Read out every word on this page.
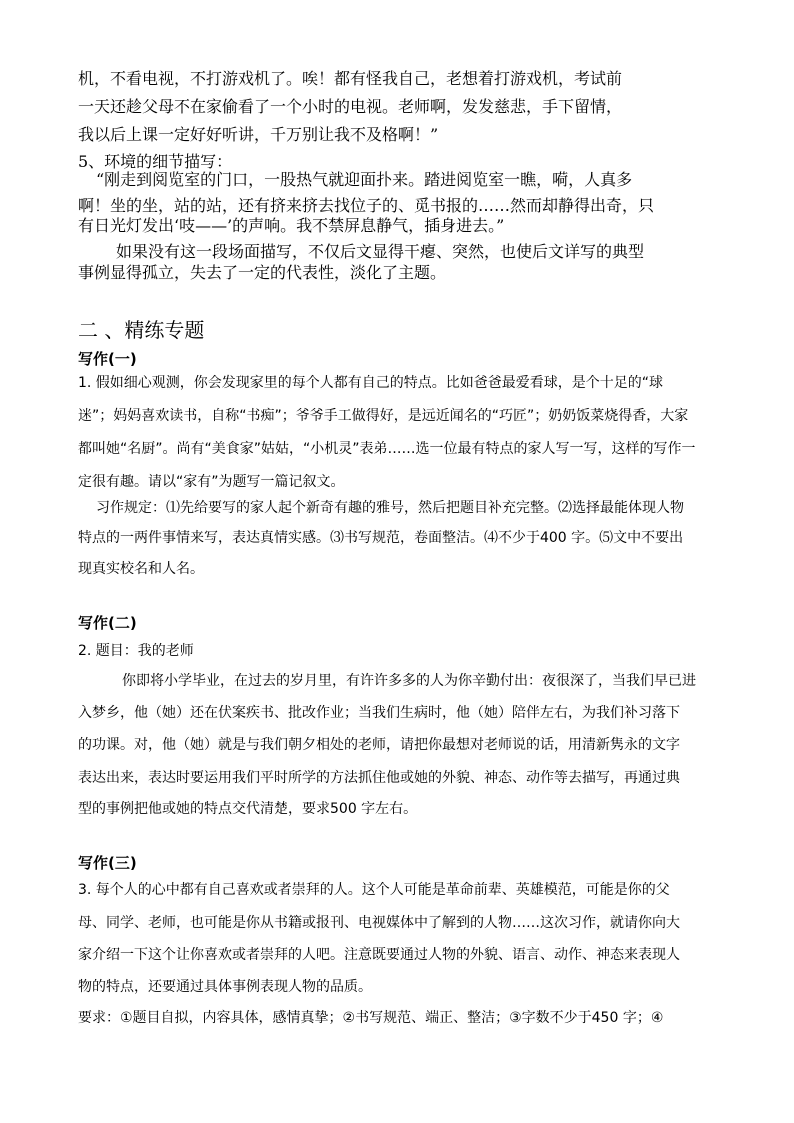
机，不看电视，不打游戏机了。唉！都有怪我自己，老想着打游戏机，考试前
一天还趁父母不在家偷看了一个小时的电视。老师啊，发发慈悲，手下留情，
我以后上课一定好好听讲，千万别让我不及格啊！”
5、环境的细节描写：
“刚走到阅览室的门口，一股热气就迎面扑来。踏进阅览室一瞧，嗬，人真多
啊！坐的坐，站的站，还有挤来挤去找位子的、觅书报的……然而却静得出奇，只
有日光灯发出‘吱——’的声响。我不禁屏息静气，插身进去。”
如果没有这一段场面描写，不仅后文显得干瘪、突然，也使后文详写的典型
事例显得孤立，失去了一定的代表性，淡化了主题。
二 、精练专题
写作(一)
1. 假如细心观测，你会发现家里的每个人都有自己的特点。比如爸爸最爱看球，是个十足的“球
迷”；妈妈喜欢读书，自称“书痴”；爷爷手工做得好，是远近闻名的“巧匠”；奶奶饭菜烧得香，大家
都叫她“名厨”。尚有“美食家”姑姑，“小机灵”表弟……选一位最有特点的家人写一写，这样的写作一
定很有趣。请以“家有”为题写一篇记叙文。
习作规定：⑴先给要写的家人起个新奇有趣的雅号，然后把题目补充完整。⑵选择最能体现人物
特点的一两件事情来写，表达真情实感。⑶书写规范，卷面整洁。⑷不少于400 字。⑸文中不要出
现真实校名和人名。
写作(二)
2. 题目：我的老师
你即将小学毕业，在过去的岁月里，有许许多多的人为你辛勤付出：夜很深了，当我们早已进
入梦乡，他（她）还在伏案疾书、批改作业；当我们生病时，他（她）陪伴左右，为我们补习落下
的功课。对，他（她）就是与我们朝夕相处的老师，请把你最想对老师说的话，用清新隽永的文字
表达出来，表达时要运用我们平时所学的方法抓住他或她的外貌、神态、动作等去描写，再通过典
型的事例把他或她的特点交代清楚，要求500 字左右。
写作(三)
3. 每个人的心中都有自己喜欢或者崇拜的人。这个人可能是革命前辈、英雄模范，可能是你的父
母、同学、老师，也可能是你从书籍或报刊、电视媒体中了解到的人物……这次习作，就请你向大
家介绍一下这个让你喜欢或者崇拜的人吧。注意既要通过人物的外貌、语言、动作、神态来表现人
物的特点，还要通过具体事例表现人物的品质。
要求：①题目自拟，内容具体，感情真挚；②书写规范、端正、整洁；③字数不少于450 字；④
